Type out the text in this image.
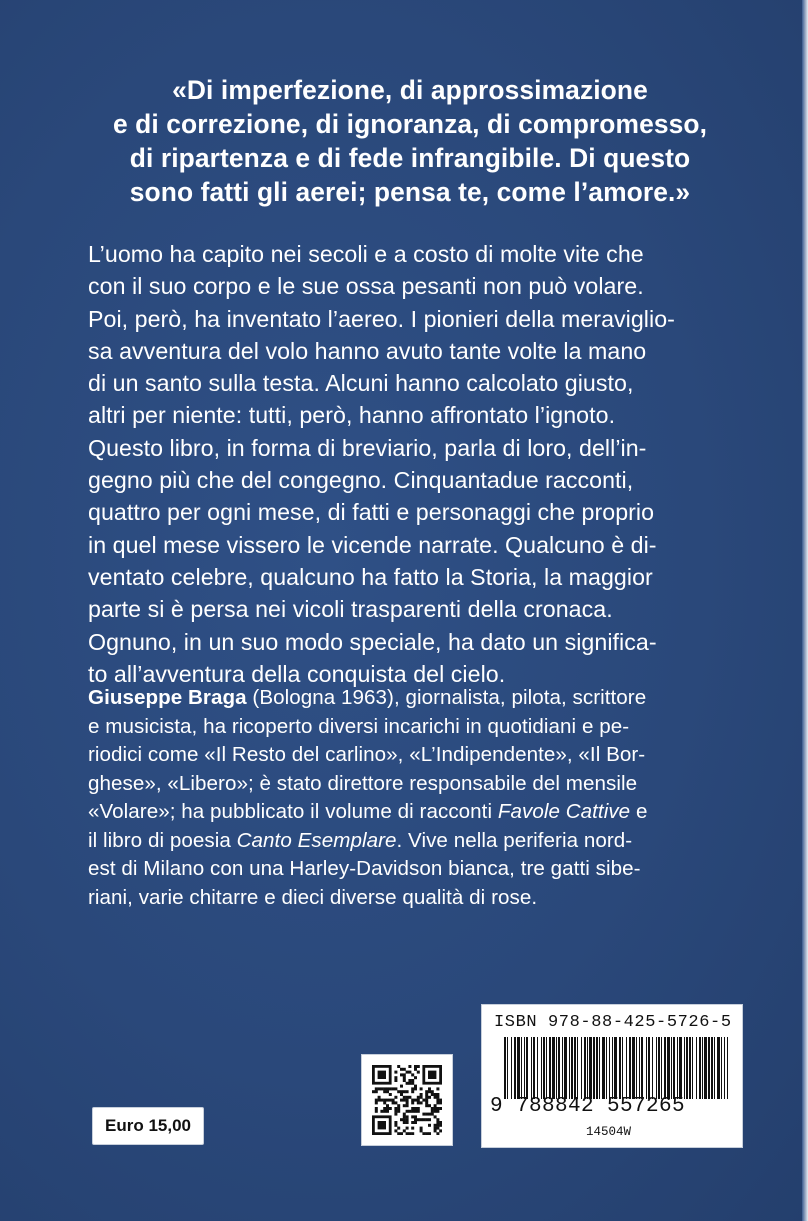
«Di imperfezione, di approssimazione
e di correzione, di ignoranza, di compromesso,
di ripartenza e di fede infrangibile. Di questo
sono fatti gli aerei; pensa te, come l’amore.»
L’uomo ha capito nei secoli e a costo di molte vite che
con il suo corpo e le sue ossa pesanti non può volare.
Poi, però, ha inventato l’aereo. I pionieri della meraviglio-
sa avventura del volo hanno avuto tante volte la mano
di un santo sulla testa. Alcuni hanno calcolato giusto,
altri per niente: tutti, però, hanno affrontato l’ignoto.
Questo libro, in forma di breviario, parla di loro, dell’in-
gegno più che del congegno. Cinquantadue racconti,
quattro per ogni mese, di fatti e personaggi che proprio
in quel mese vissero le vicende narrate. Qualcuno è di-
ventato celebre, qualcuno ha fatto la Storia, la maggior
parte si è persa nei vicoli trasparenti della cronaca.
Ognuno, in un suo modo speciale, ha dato un significa-
to all’avventura della conquista del cielo.
Giuseppe Braga (Bologna 1963), giornalista, pilota, scrittore
e musicista, ha ricoperto diversi incarichi in quotidiani e pe-
riodici come «Il Resto del carlino», «L’Indipendente», «Il Bor-
ghese», «Libero»; è stato direttore responsabile del mensile
«Volare»; ha pubblicato il volume di racconti Favole Cattive e
il libro di poesia Canto Esemplare. Vive nella periferia nord-
est di Milano con una Harley-Davidson bianca, tre gatti sibe-
riani, varie chitarre e dieci diverse qualità di rose.
Euro 15,00
ISBN 978-88-425-5726-5
9 788842 557265
14504W
